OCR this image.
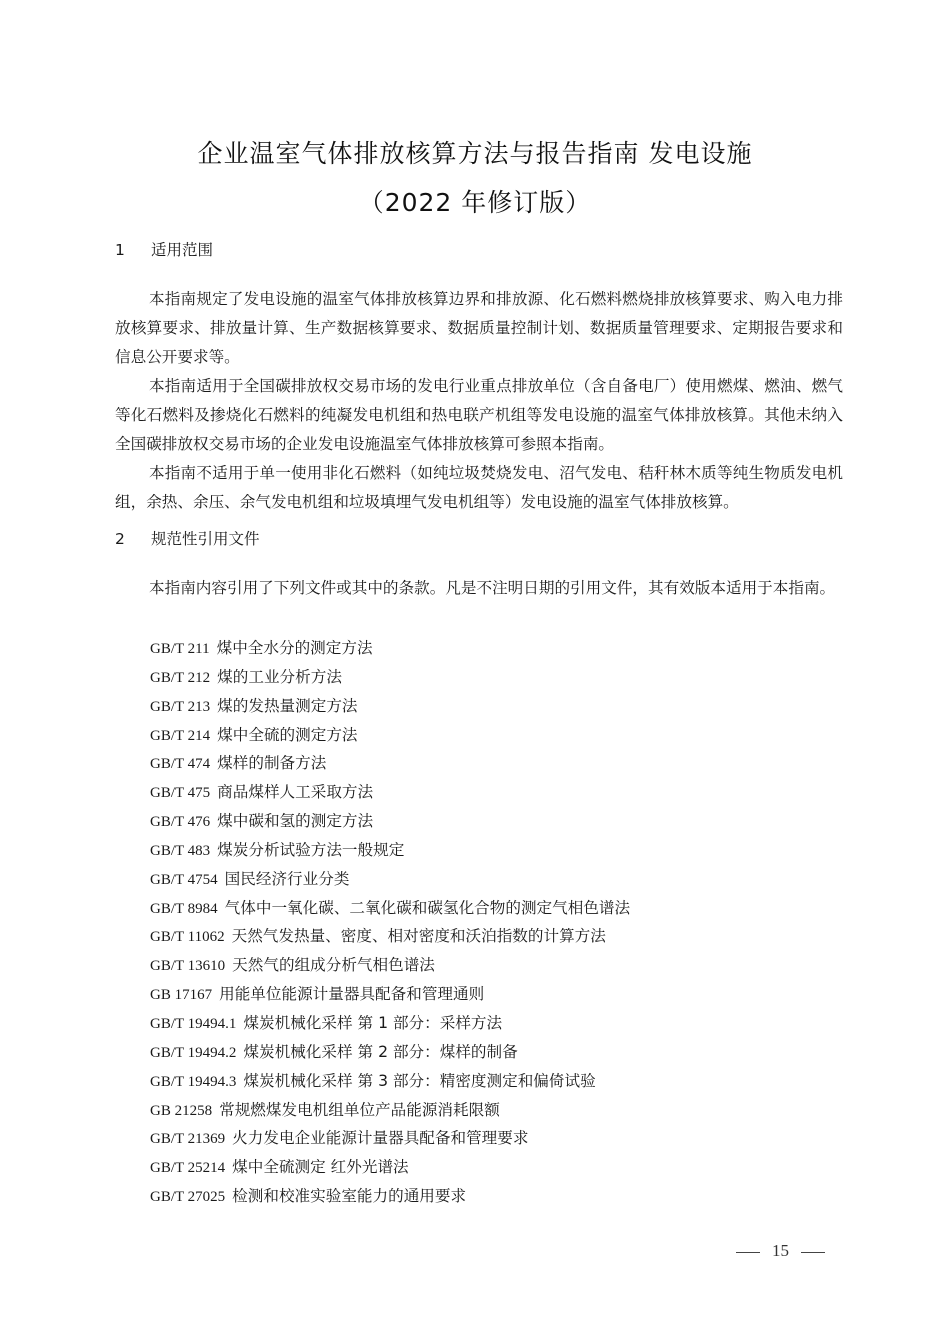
企业温室气体排放核算方法与报告指南 发电设施
（2022 年修订版）
1 适用范围

本指南规定了发电设施的温室气体排放核算边界和排放源、化石燃料燃烧排放核算要求、购入电力排放核算要求、排放量计算、生产数据核算要求、数据质量控制计划、数据质量管理要求、定期报告要求和信息公开要求等。

本指南适用于全国碳排放权交易市场的发电行业重点排放单位（含自备电厂）使用燃煤、燃油、燃气等化石燃料及掺烧化石燃料的纯凝发电机组和热电联产机组等发电设施的温室气体排放核算。其他未纳入全国碳排放权交易市场的企业发电设施温室气体排放核算可参照本指南。

本指南不适用于单一使用非化石燃料（如纯垃圾焚烧发电、沼气发电、秸秆林木质等纯生物质发电机组，余热、余压、余气发电机组和垃圾填埋气发电机组等）发电设施的温室气体排放核算。

2 规范性引用文件

本指南内容引用了下列文件或其中的条款。凡是不注明日期的引用文件，其有效版本适用于本指南。

GB/T 211 煤中全水分的测定方法
GB/T 212 煤的工业分析方法
GB/T 213 煤的发热量测定方法
GB/T 214 煤中全硫的测定方法
GB/T 474 煤样的制备方法
GB/T 475 商品煤样人工采取方法
GB/T 476 煤中碳和氢的测定方法
GB/T 483 煤炭分析试验方法一般规定
GB/T 4754 国民经济行业分类
GB/T 8984 气体中一氧化碳、二氧化碳和碳氢化合物的测定气相色谱法
GB/T 11062 天然气发热量、密度、相对密度和沃泊指数的计算方法
GB/T 13610 天然气的组成分析气相色谱法
GB 17167 用能单位能源计量器具配备和管理通则
GB/T 19494.1 煤炭机械化采样 第 1 部分：采样方法
GB/T 19494.2 煤炭机械化采样 第 2 部分：煤样的制备
GB/T 19494.3 煤炭机械化采样 第 3 部分：精密度测定和偏倚试验
GB 21258 常规燃煤发电机组单位产品能源消耗限额
GB/T 21369 火力发电企业能源计量器具配备和管理要求
GB/T 25214 煤中全硫测定 红外光谱法
GB/T 27025 检测和校准实验室能力的通用要求
15
